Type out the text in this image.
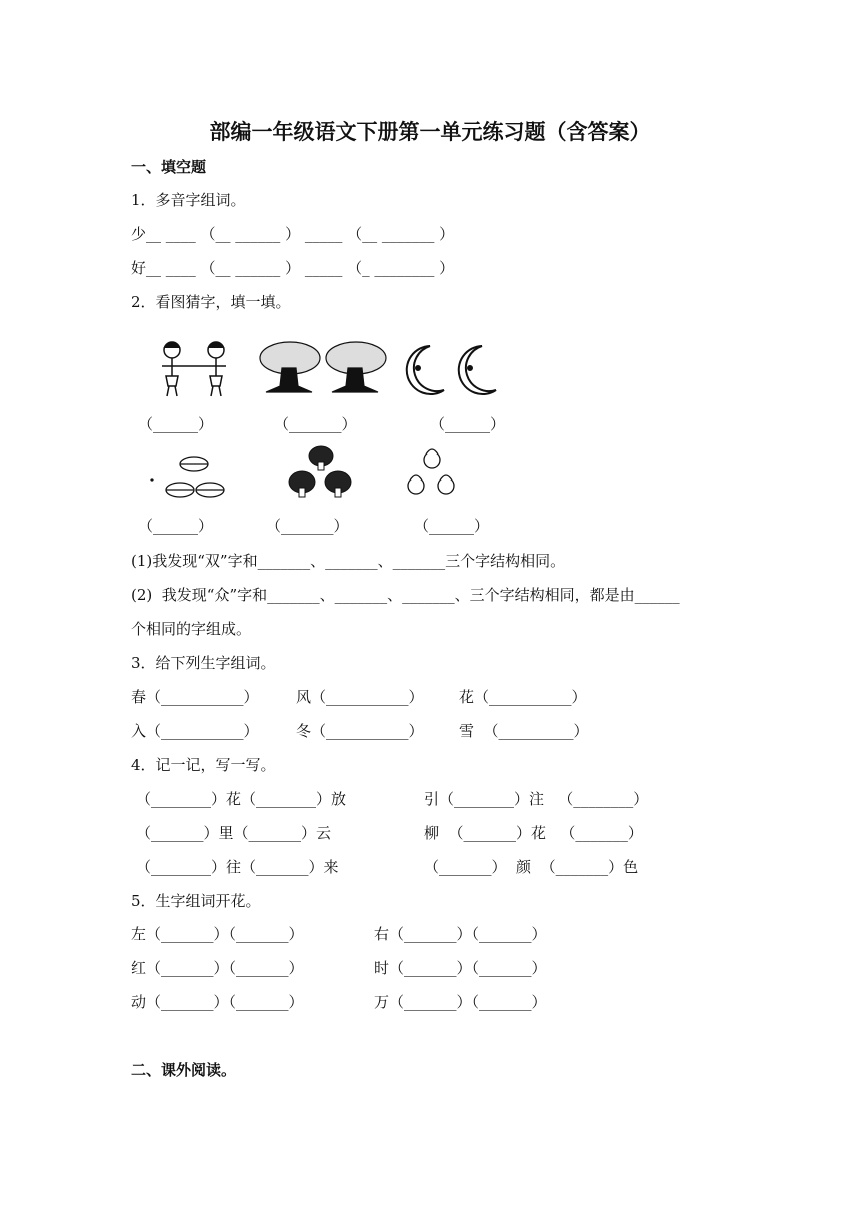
部编一年级语文下册第一单元练习题（含答案）
一、填空题
1．多音字组词。
少__ ____ （__ ______ ） _____ （__ _______ ）
好__ ____ （__ ______ ） _____ （_ ________ ）
2．看图猜字，填一填。
（______）	（_______）	（______）
（______）	（_______）	（______）
(1)我发现“双”字和_______、_______、_______三个字结构相同。
(2)  我发现“众”字和_______、_______、_______、三个字结构相同，都是由______
个相同的字组成。
3．给下列生字组词。
春（___________） 风（___________） 花（___________）
入（___________） 冬（___________） 雪  （__________）
4．记一记，写一写。
（________）花（________）放	引（________）注   （________）
（_______）里（_______）云	柳  （_______）花   （_______）
（________）往（_______）来	（_______）  颜  （_______）色
5．生字组词开花。
左（_______）（_______）	右（_______）（_______）
红（_______）（_______）	时（_______）（_______）
动（_______）（_______）	万（_______）（_______）
二、课外阅读。
